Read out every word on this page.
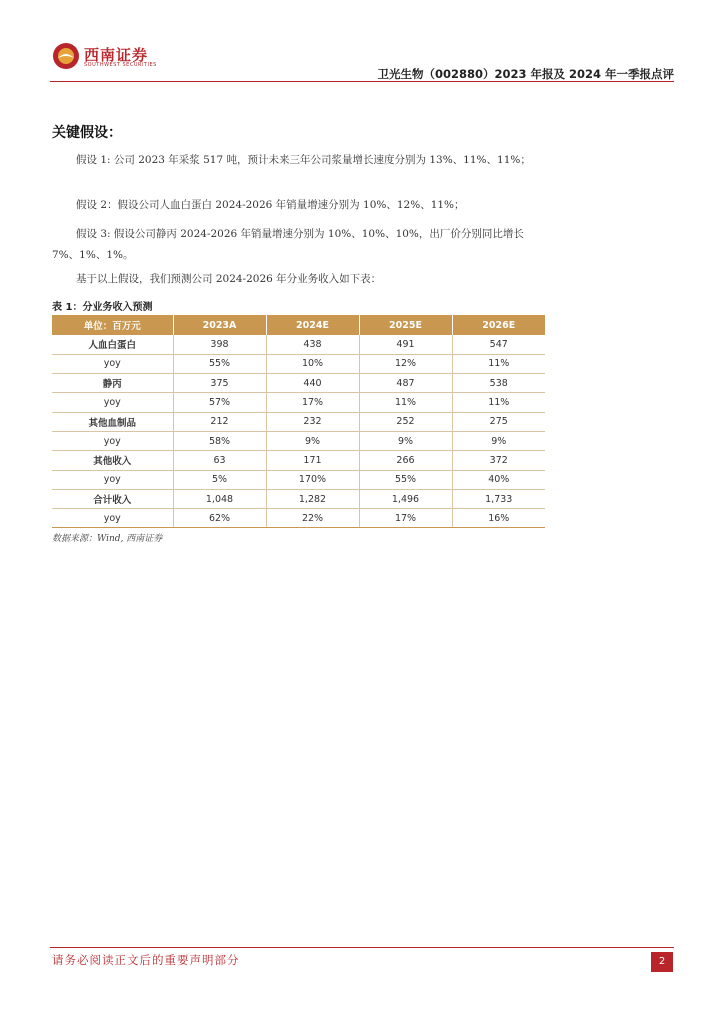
西南证券
SOUTHWEST SECURITIES
卫光生物（002880）2023 年报及 2024 年一季报点评
关键假设：

假设 1: 公司 2023 年采浆 517 吨，预计未来三年公司浆量增长速度分别为 13%、11%、11%；

假设 2：假设公司人血白蛋白 2024-2026 年销量增速分别为 10%、12%、11%；

假设 3: 假设公司静丙 2024-2026 年销量增速分别为 10%、10%、10%，出厂价分别同比增长 7%、1%、1%。

基于以上假设，我们预测公司 2024-2026 年分业务收入如下表：

表 1：分业务收入预测
单位：百万元	2023A	2024E	2025E	2026E
人血白蛋白	398	438	491	547
yoy	55%	10%	12%	11%
静丙	375	440	487	538
yoy	57%	17%	11%	11%
其他血制品	212	232	252	275
yoy	58%	9%	9%	9%
其他收入	63	171	266	372
yoy	5%	170%	55%	40%
合计收入	1,048	1,282	1,496	1,733
yoy	62%	22%	17%	16%
数据来源：Wind, 西南证券
请务必阅读正文后的重要声明部分	2
